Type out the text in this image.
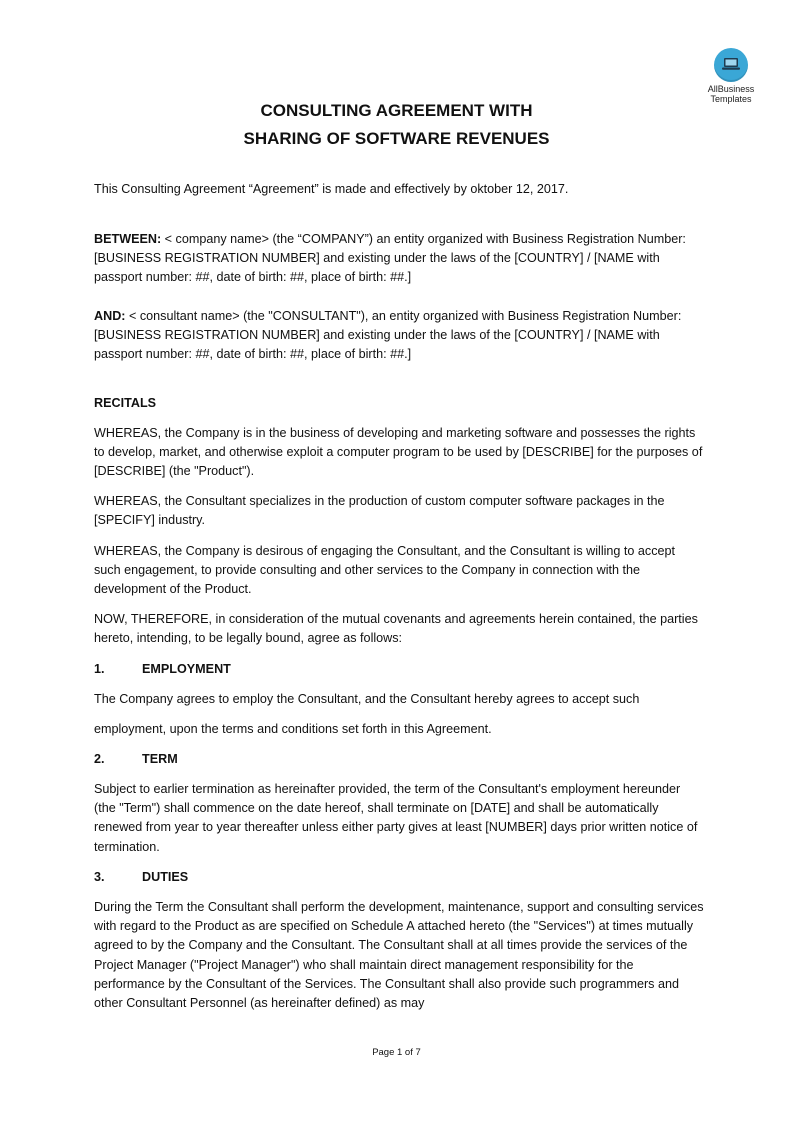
AllBusiness
Templates
CONSULTING AGREEMENT WITH
SHARING OF SOFTWARE REVENUES

This Consulting Agreement “Agreement” is made and effectively by oktober 12, 2017.

BETWEEN: < company name> (the “COMPANY”) an entity organized with Business Registration Number: [BUSINESS REGISTRATION NUMBER] and existing under the laws of the [COUNTRY] / [NAME with passport number: ##, date of birth: ##, place of birth: ##.]

AND: < consultant name> (the "CONSULTANT"), an entity organized with Business Registration Number: [BUSINESS REGISTRATION NUMBER] and existing under the laws of the [COUNTRY] / [NAME with passport number: ##, date of birth: ##, place of birth: ##.]

RECITALS

WHEREAS, the Company is in the business of developing and marketing software and possesses the rights to develop, market, and otherwise exploit a computer program to be used by [DESCRIBE] for the purposes of [DESCRIBE] (the "Product").

WHEREAS, the Consultant specializes in the production of custom computer software packages in the [SPECIFY] industry.

WHEREAS, the Company is desirous of engaging the Consultant, and the Consultant is willing to accept such engagement, to provide consulting and other services to the Company in connection with the development of the Product.

NOW, THEREFORE, in consideration of the mutual covenants and agreements herein contained, the parties hereto, intending, to be legally bound, agree as follows:

1.	EMPLOYMENT

The Company agrees to employ the Consultant, and the Consultant hereby agrees to accept such

employment, upon the terms and conditions set forth in this Agreement.

2.	TERM

Subject to earlier termination as hereinafter provided, the term of the Consultant's employment hereunder (the "Term") shall commence on the date hereof, shall terminate on [DATE] and shall be automatically renewed from year to year thereafter unless either party gives at least [NUMBER] days prior written notice of termination.

3.	DUTIES

During the Term the Consultant shall perform the development, maintenance, support and consulting services with regard to the Product as are specified on Schedule A attached hereto (the "Services") at times mutually agreed to by the Company and the Consultant. The Consultant shall at all times provide the services of the Project Manager ("Project Manager") who shall maintain direct management responsibility for the performance by the Consultant of the Services. The Consultant shall also provide such programmers and other Consultant Personnel (as hereinafter defined) as may

Page 1 of 7
